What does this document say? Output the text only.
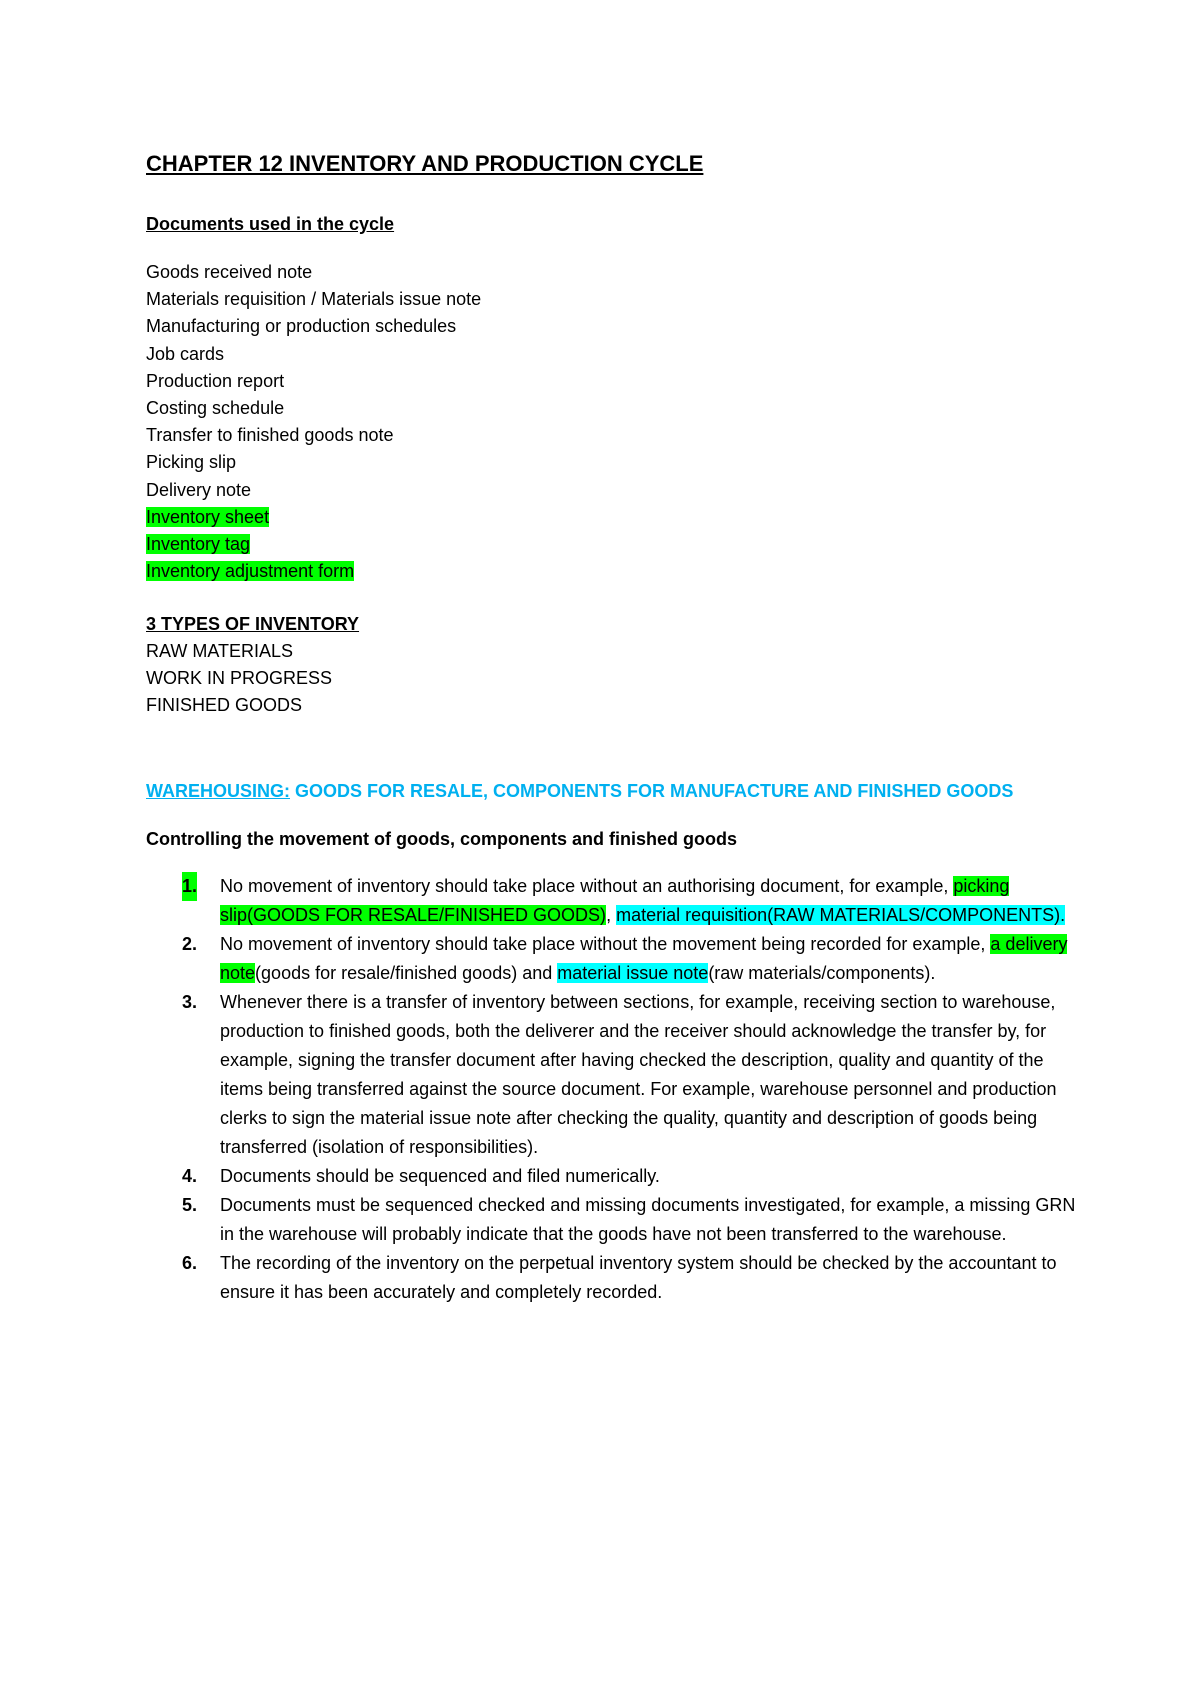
CHAPTER 12 INVENTORY AND PRODUCTION CYCLE

Documents used in the cycle

Goods received note
Materials requisition / Materials issue note
Manufacturing or production schedules
Job cards
Production report
Costing schedule
Transfer to finished goods note
Picking slip
Delivery note
Inventory sheet
Inventory tag
Inventory adjustment form

3 TYPES OF INVENTORY

RAW MATERIALS
WORK IN PROGRESS
FINISHED GOODS

WAREHOUSING: GOODS FOR RESALE, COMPONENTS FOR MANUFACTURE AND FINISHED GOODS

Controlling the movement of goods, components and finished goods

1. No movement of inventory should take place without an authorising document, for example, picking slip(GOODS FOR RESALE/FINISHED GOODS), material requisition(RAW MATERIALS/COMPONENTS).
2. No movement of inventory should take place without the movement being recorded for example, a delivery note(goods for resale/finished goods) and material issue note(raw materials/components).
3. Whenever there is a transfer of inventory between sections, for example, receiving section to warehouse, production to finished goods, both the deliverer and the receiver should acknowledge the transfer by, for example, signing the transfer document after having checked the description, quality and quantity of the items being transferred against the source document. For example, warehouse personnel and production clerks to sign the material issue note after checking the quality, quantity and description of goods being transferred (isolation of responsibilities).
4. Documents should be sequenced and filed numerically.
5. Documents must be sequenced checked and missing documents investigated, for example, a missing GRN in the warehouse will probably indicate that the goods have not been transferred to the warehouse.
6. The recording of the inventory on the perpetual inventory system should be checked by the accountant to ensure it has been accurately and completely recorded.
